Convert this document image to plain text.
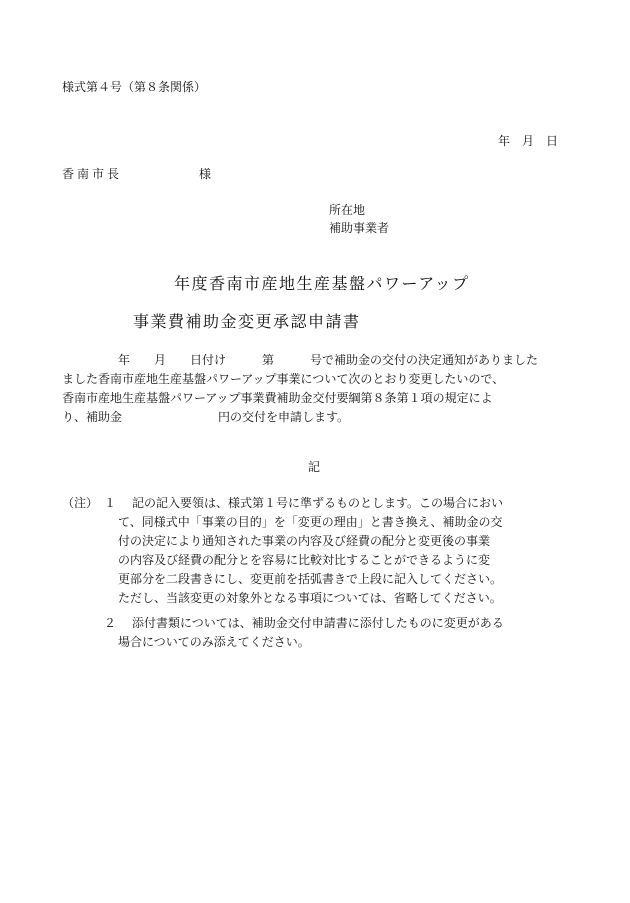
様式第４号（第８条関係）
年　月　日
香南市長	様
所在地
補助事業者
年度香南市産地生産基盤パワーアップ
事業費補助金変更承認申請書
年　　月　　日付け　　　第　　　号で補助金の交付の決定通知がありました
ました香南市産地生産基盤パワーアップ事業について次のとおり変更したいので、
香南市産地生産基盤パワーアップ事業費補助金交付要綱第８条第１項の規定によ
り、補助金　　　　　　　　円の交付を申請します。
記
（注） １	記の記入要領は、様式第１号に準ずるものとします。この場合におい
て、同様式中「事業の目的」を「変更の理由」と書き換え、補助金の交
付の決定により通知された事業の内容及び経費の配分と変更後の事業
の内容及び経費の配分とを容易に比較対比することができるように変
更部分を二段書きにし、変更前を括弧書きで上段に記入してください。
ただし、当該変更の対象外となる事項については、省略してください。
２	添付書類については、補助金交付申請書に添付したものに変更がある
場合についてのみ添えてください。
